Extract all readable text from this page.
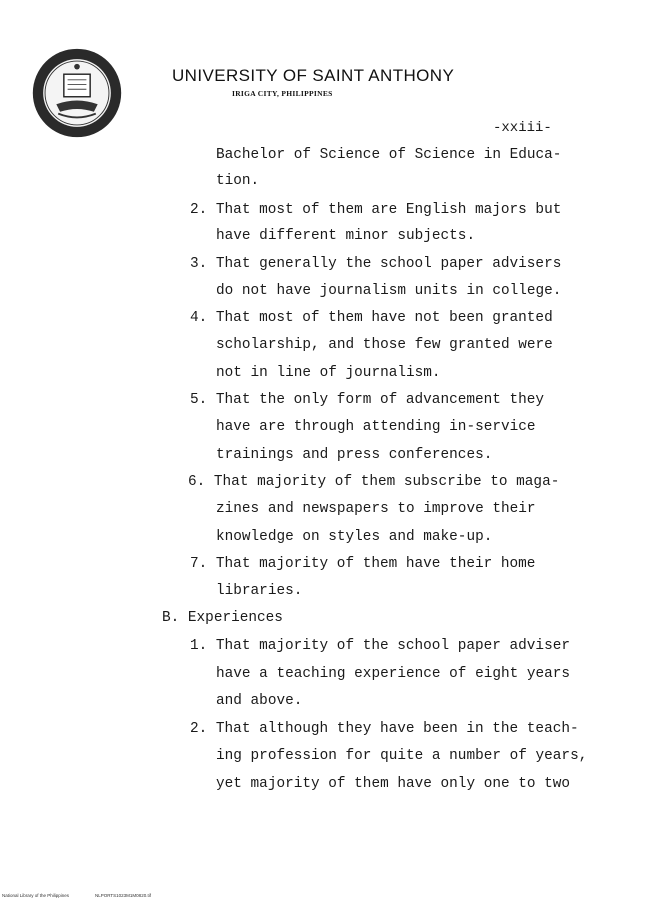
UNIVERSITY OF SAINT ANTHONY
IRIGA CITY, PHILIPPINES
-xxiii-
Bachelor of Science of Science in Educa-
tion.
2. That most of them are English majors but
have different minor subjects.
3. That generally the school paper advisers
do not have journalism units in college.
4. That most of them have not been granted
scholarship, and those few granted were
not in line of journalism.
5. That the only form of advancement they
have are through attending in-service
trainings and press conferences.
6. That majority of them subscribe to maga-
zines and newspapers to improve their
knowledge on styles and make-up.
7. That majority of them have their home
libraries.
B. Experiences
1. That majority of the school paper adviser
have a teaching experience of eight years
and above.
2. That although they have been in the teach-
ing profession for quite a number of years,
yet majority of them have only one to two
National Library of the Philippines	NLPORTS1023M1M0820.tif
